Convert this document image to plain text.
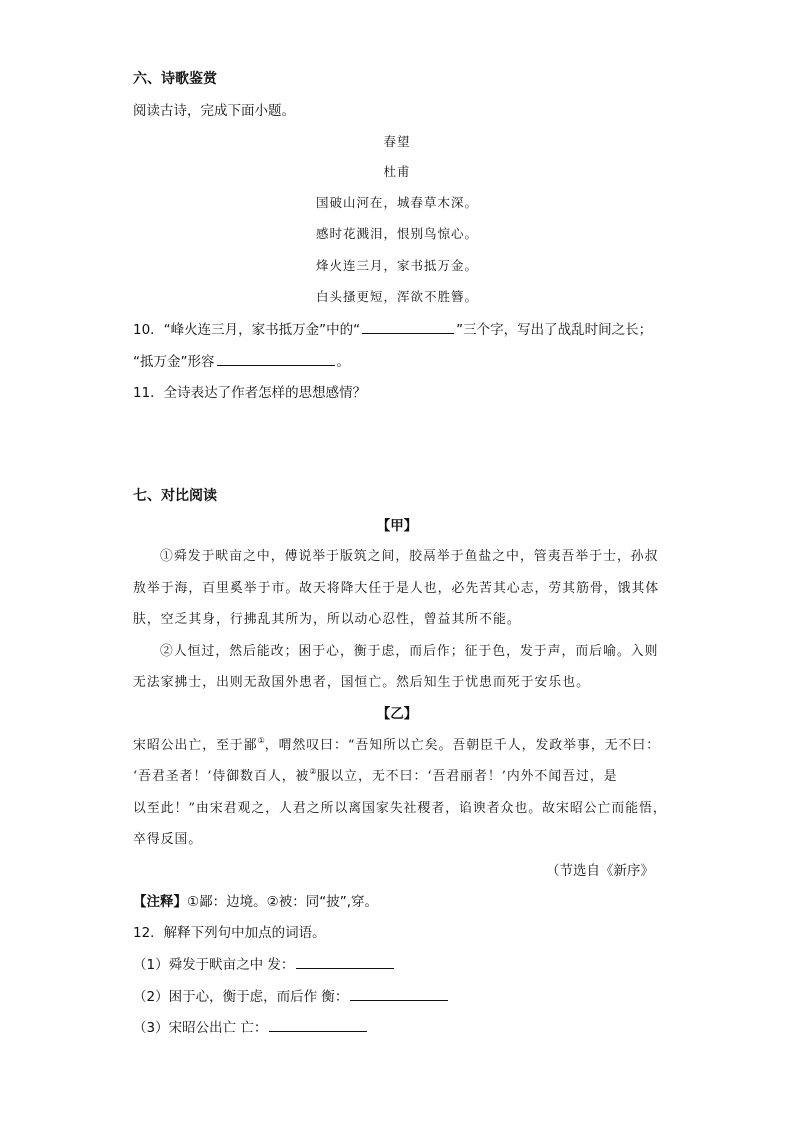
六、诗歌鉴赏
阅读古诗，完成下面小题。
春望
杜甫
国破山河在，城春草木深。
感时花溅泪，恨别鸟惊心。
烽火连三月，家书抵万金。
白头搔更短，浑欲不胜簪。
10．“峰火连三月，家书抵万金”中的“	”三个字，写出了战乱时间之长；
“抵万金”形容	。
11．全诗表达了作者怎样的思想感情？
七、对比阅读
【甲】
①舜发于畎亩之中，傅说举于版筑之间，胶鬲举于鱼盐之中，管夷吾举于士，孙叔
敖举于海，百里奚举于市。故天将降大任于是人也，必先苦其心志，劳其筋骨，饿其体
肤，空乏其身，行拂乱其所为，所以动心忍性，曾益其所不能。
②人恒过，然后能改；困于心，衡于虑，而后作；征于色，发于声，而后喻。入则
无法家拂士，出则无敌国外患者，国恒亡。然后知生于忧患而死于安乐也。
【乙】
宋昭公出亡，至于鄙①，喟然叹曰：“吾知所以亡矣。吾朝臣千人，发政举事，无不曰：
‘吾君圣者！’侍御数百人，被②服以立，无不曰：‘吾君丽者！’内外不闻吾过，是
以至此！”由宋君观之，人君之所以离国家失社稷者，谄谀者众也。故宋昭公亡而能悟，
卒得反国。
（节选自《新序》
【注释】①鄙：边境。②被：同“披”,穿。
12．解释下列句中加点的词语。
（1）舜发于畎亩之中 发：
（2）困于心，衡于虑，而后作 衡：
（3）宋昭公出亡 亡：
